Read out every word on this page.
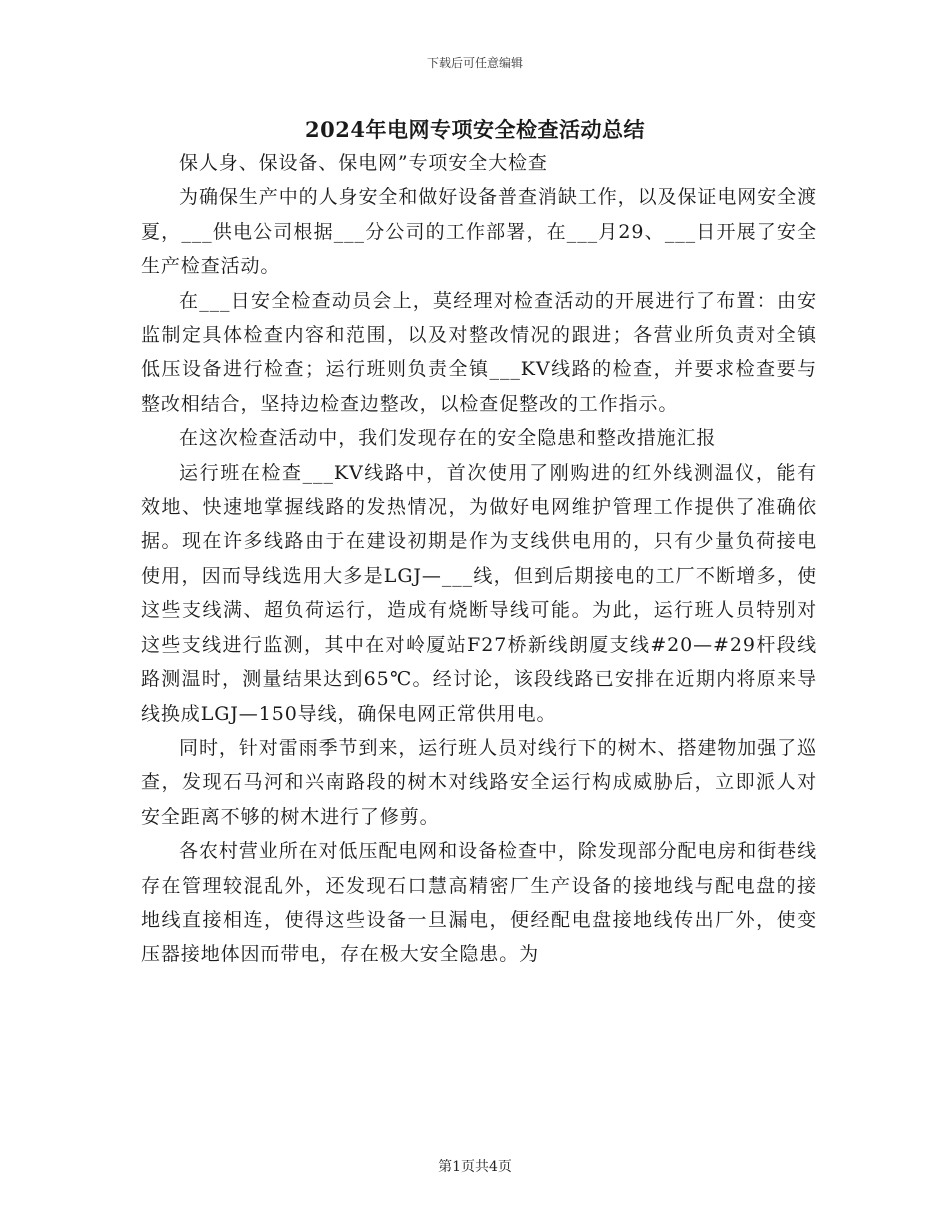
下载后可任意编辑
2024年电网专项安全检查活动总结

保人身、保设备、保电网”专项安全大检查

为确保生产中的人身安全和做好设备普查消缺工作，以及保证电网安全渡夏，___供电公司根据___分公司的工作部署，在___月29、___日开展了安全生产检查活动。

在___日安全检查动员会上，莫经理对检查活动的开展进行了布置：由安监制定具体检查内容和范围，以及对整改情况的跟进；各营业所负责对全镇低压设备进行检查；运行班则负责全镇___KV线路的检查，并要求检查要与整改相结合，坚持边检查边整改，以检查促整改的工作指示。

在这次检查活动中，我们发现存在的安全隐患和整改措施汇报

运行班在检查___KV线路中，首次使用了刚购进的红外线测温仪，能有效地、快速地掌握线路的发热情况，为做好电网维护管理工作提供了准确依据。现在许多线路由于在建设初期是作为支线供电用的，只有少量负荷接电使用，因而导线选用大多是LGJ—___线，但到后期接电的工厂不断增多，使这些支线满、超负荷运行，造成有烧断导线可能。为此，运行班人员特别对这些支线进行监测，其中在对岭厦站F27桥新线朗厦支线#20—#29杆段线路测温时，测量结果达到65℃。经讨论，该段线路已安排在近期内将原来导线换成LGJ—150导线，确保电网正常供用电。

同时，针对雷雨季节到来，运行班人员对线行下的树木、搭建物加强了巡查，发现石马河和兴南路段的树木对线路安全运行构成威胁后，立即派人对安全距离不够的树木进行了修剪。

各农村营业所在对低压配电网和设备检查中，除发现部分配电房和街巷线存在管理较混乱外，还发现石口慧高精密厂生产设备的接地线与配电盘的接地线直接相连，使得这些设备一旦漏电，便经配电盘接地线传出厂外，使变压器接地体因而带电，存在极大安全隐患。为

第1页共4页
